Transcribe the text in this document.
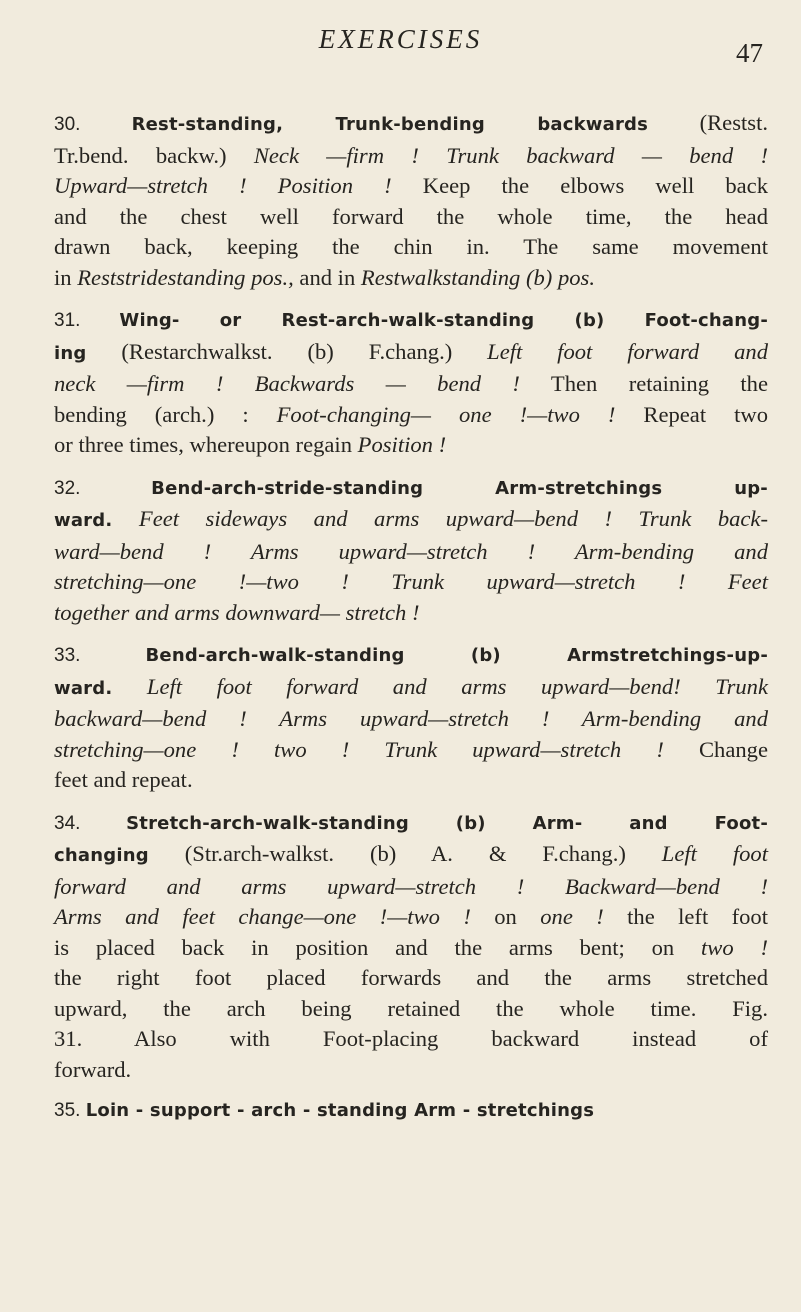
EXERCISES	47
30. Rest-standing, Trunk-bending backwards (Restst.
Tr.bend. backw.) Neck —firm ! Trunk backward — bend !
Upward—stretch ! Position ! Keep the elbows well back
and the chest well forward the whole time, the head
drawn back, keeping the chin in. The same movement
in Reststridestanding pos., and in Restwalkstanding (b) pos.
31. Wing- or Rest-arch-walk-standing (b) Foot-chang-
ing (Restarchwalkst. (b) F.chang.) Left foot forward and
neck —firm ! Backwards — bend ! Then retaining the
bending (arch.) : Foot-changing— one !—two ! Repeat two
or three times, whereupon regain Position !
32. Bend-arch-stride-standing Arm-stretchings up-
ward. Feet sideways and arms upward—bend ! Trunk back-
ward—bend ! Arms upward—stretch ! Arm-bending and
stretching—one !—two ! Trunk upward—stretch ! Feet
together and arms downward— stretch !
33. Bend-arch-walk-standing (b) Armstretchings-up-
ward. Left foot forward and arms upward—bend! Trunk
backward—bend ! Arms upward—stretch ! Arm-bending and
stretching—one ! two ! Trunk upward—stretch ! Change
feet and repeat.
34. Stretch-arch-walk-standing (b) Arm- and Foot-
changing (Str.arch-walkst. (b) A. & F.chang.) Left foot
forward and arms upward—stretch ! Backward—bend !
Arms and feet change—one !—two ! on one ! the left foot
is placed back in position and the arms bent; on two !
the right foot placed forwards and the arms stretched
upward, the arch being retained the whole time. Fig.
31. Also with Foot-placing backward instead of
forward.
35. Loin - support - arch - standing Arm - stretchings
